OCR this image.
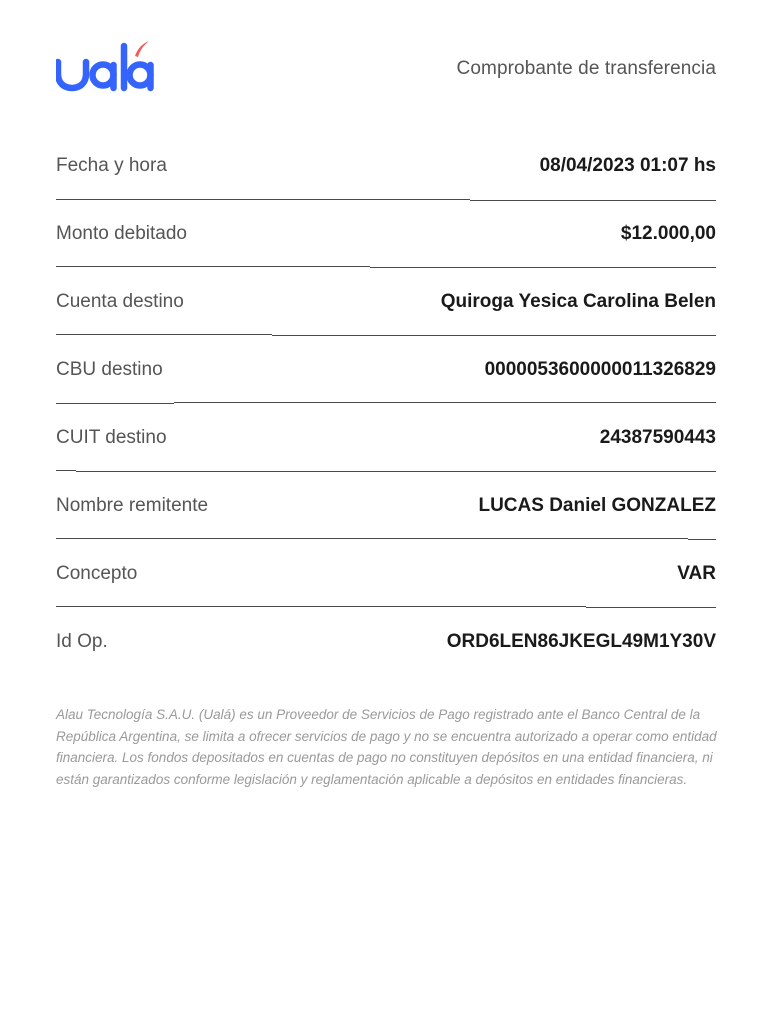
Comprobante de transferencia
Fecha y hora	08/04/2023 01:07 hs
Monto debitado	$12.000,00
Cuenta destino	Quiroga Yesica Carolina Belen
CBU destino	0000053600000011326829
CUIT destino	24387590443
Nombre remitente	LUCAS Daniel GONZALEZ
Concepto	VAR
Id Op.	ORD6LEN86JKEGL49M1Y30V
Alau Tecnología S.A.U. (Ualá) es un Proveedor de Servicios de Pago registrado ante el Banco Central de la República Argentina, se limita a ofrecer servicios de pago y no se encuentra autorizado a operar como entidad financiera. Los fondos depositados en cuentas de pago no constituyen depósitos en una entidad financiera, ni están garantizados conforme legislación y reglamentación aplicable a depósitos en entidades financieras.
